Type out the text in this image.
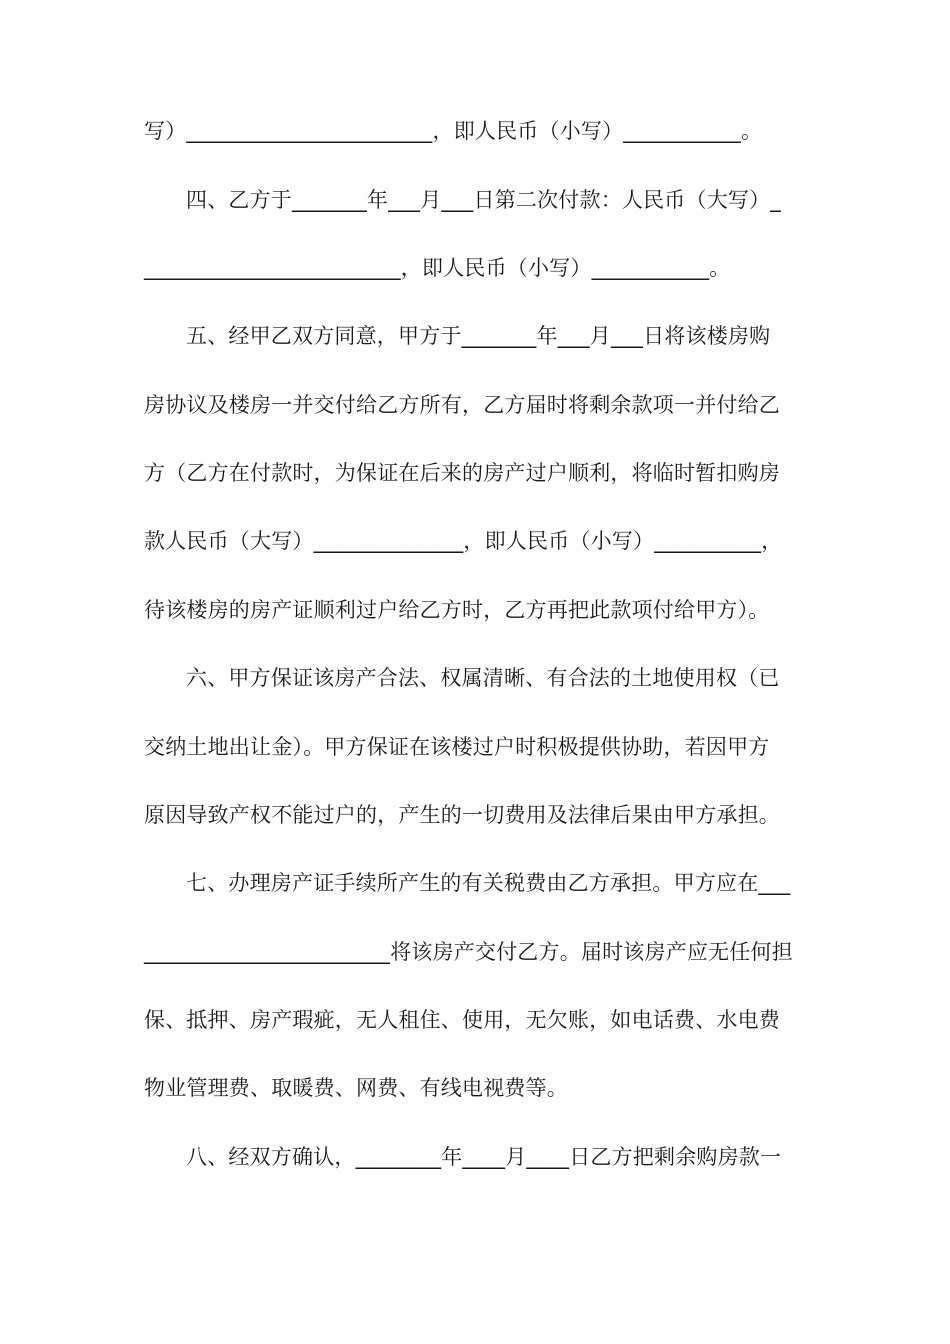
写）_______________________，即人民币（小写）___________。
四、乙方于_______年___月___日第二次付款：人民币（大写）_
________________________，即人民币（小写）___________。
五、经甲乙双方同意，甲方于_______年___月___日将该楼房购
房协议及楼房一并交付给乙方所有，乙方届时将剩余款项一并付给乙
方（乙方在付款时，为保证在后来的房产过户顺利，将临时暂扣购房
款人民币（大写）______________，即人民币（小写）__________，
待该楼房的房产证顺利过户给乙方时，乙方再把此款项付给甲方）。
六、甲方保证该房产合法、权属清晰、有合法的土地使用权（已
交纳土地出让金）。甲方保证在该楼过户时积极提供协助，若因甲方
原因导致产权不能过户的，产生的一切费用及法律后果由甲方承担。
七、办理房产证手续所产生的有关税费由乙方承担。甲方应在___
_______________________将该房产交付乙方。届时该房产应无任何担
保、抵押、房产瑕疵，无人租住、使用，无欠账，如电话费、水电费
物业管理费、取暖费、网费、有线电视费等。
八、经双方确认，________年____月____日乙方把剩余购房款一
